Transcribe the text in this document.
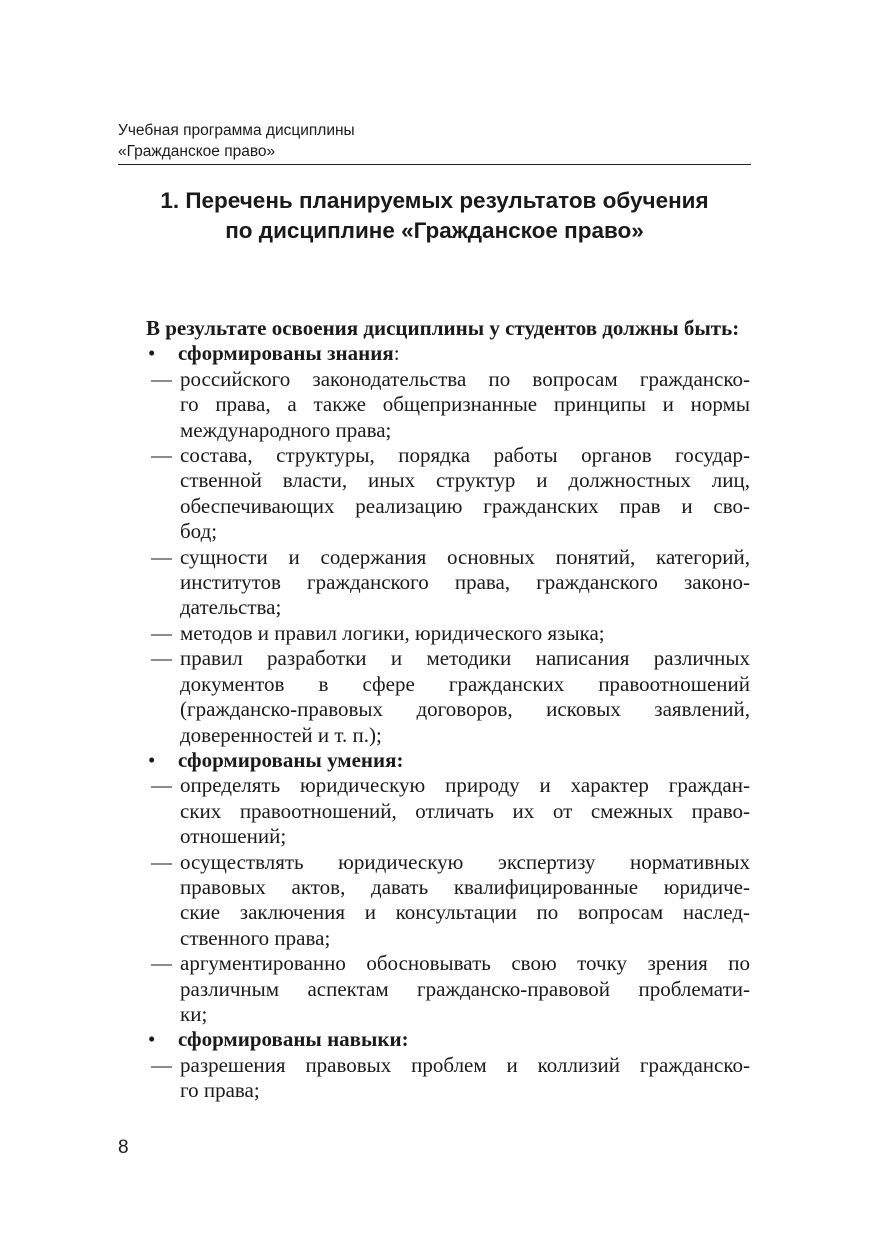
Учебная программа дисциплины
«Гражданское право»
1. Перечень планируемых результатов обучения
по дисциплине «Гражданское право»

В результате освоения дисциплины у студентов должны быть:

• сформированы знания:

— российского законодательства по вопросам гражданско-
го права, а также общепризнанные принципы и нормы
международного права;
— состава, структуры, порядка работы органов государ-
ственной власти, иных структур и должностных лиц,
обеспечивающих реализацию гражданских прав и сво-
бод;
— сущности и содержания основных понятий, категорий,
институтов гражданского права, гражданского законо-
дательства;
— методов и правил логики, юридического языка;
— правил разработки и методики написания различных
документов в сфере гражданских правоотношений
(гражданско-правовых договоров, исковых заявлений,
доверенностей и т. п.);

• сформированы умения:

— определять юридическую природу и характер граждан-
ских правоотношений, отличать их от смежных право-
отношений;
— осуществлять юридическую экспертизу нормативных
правовых актов, давать квалифицированные юридиче-
ские заключения и консультации по вопросам наслед-
ственного права;
— аргументированно обосновывать свою точку зрения по
различным аспектам гражданско-правовой проблемати-
ки;

• сформированы навыки:

— разрешения правовых проблем и коллизий гражданско-
го права;
8
